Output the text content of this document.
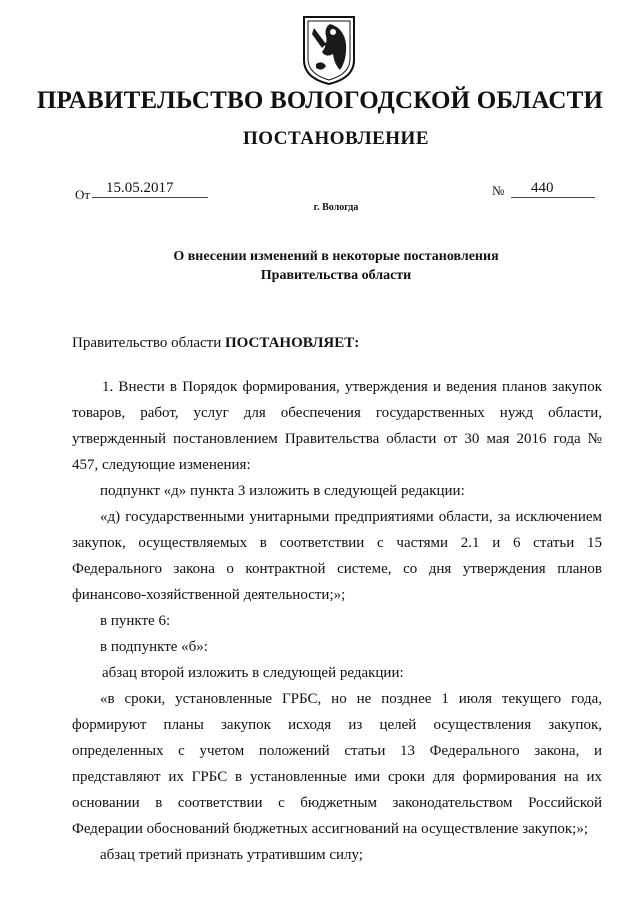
ПРАВИТЕЛЬСТВО ВОЛОГОДСКОЙ ОБЛАСТИ
ПОСТАНОВЛЕНИЕ
От	15.05.2017	№	440
г. Вологда
О внесении изменений в некоторые постановления
Правительства области

Правительство области ПОСТАНОВЛЯЕТ:

1. Внести в Порядок формирования, утверждения и ведения планов закупок товаров, работ, услуг для обеспечения государственных нужд области, утвержденный постановлением Правительства области от 30 мая 2016 года № 457, следующие изменения:

подпункт «д» пункта 3 изложить в следующей редакции:

«д) государственными унитарными предприятиями области, за исключением закупок, осуществляемых в соответствии с частями 2.1 и 6 статьи 15 Федерального закона о контрактной системе, со дня утверждения планов финансово-хозяйственной деятельности;»;

в пункте 6:

в подпункте «б»:

абзац второй изложить в следующей редакции:

«в сроки, установленные ГРБС, но не позднее 1 июля текущего года, формируют планы закупок исходя из целей осуществления закупок, определенных с учетом положений статьи 13 Федерального закона, и представляют их ГРБС в установленные ими сроки для формирования на их основании в соответствии с бюджетным законодательством Российской Федерации обоснований бюджетных ассигнований на осуществление закупок;»;

абзац третий признать утратившим силу;
